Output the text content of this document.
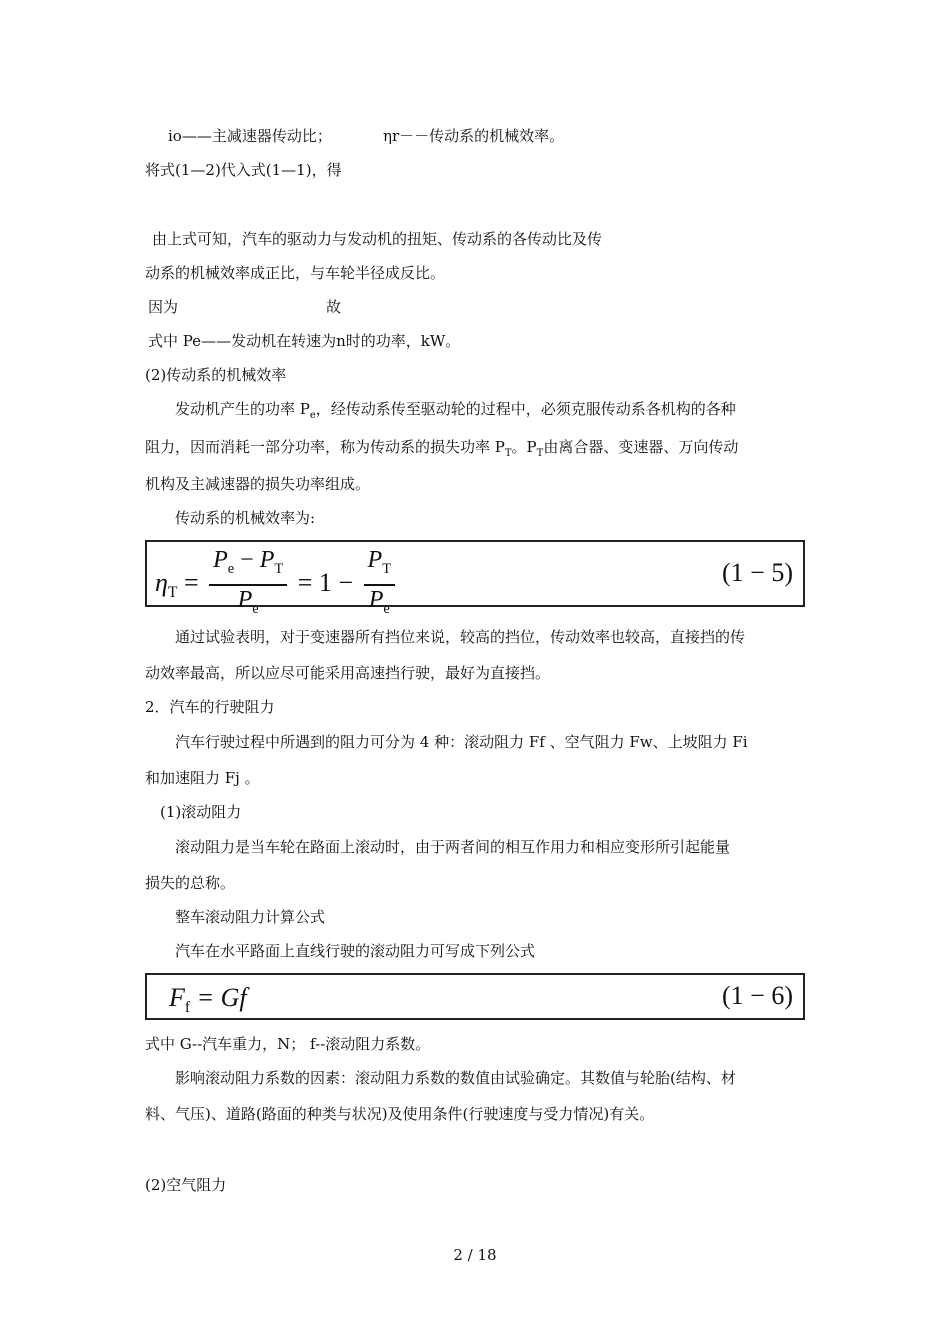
io——主减速器传动比；	ηr－－传动系的机械效率。
将式(1—2)代入式(1—1)，得
由上式可知，汽车的驱动力与发动机的扭矩、传动系的各传动比及传
动系的机械效率成正比，与车轮半径成反比。
因为	故
式中 Pe——发动机在转速为n时的功率，kW。
(2)传动系的机械效率
发动机产生的功率 $P_e$，经传动系传至驱动轮的过程中，必须克服传动系各机构的各种
阻力，因而消耗一部分功率，称为传动系的损失功率 $P_T$。$P_T$由离合器、变速器、万向传动
机构及主减速器的损失功率组成。
传动系的机械效率为:
$\eta_T = \frac{P_e - P_T}{P_e} = 1 - \frac{P_T}{P_e}$	(1 − 5)
通过试验表明，对于变速器所有挡位来说，较高的挡位，传动效率也较高，直接挡的传
动效率最高，所以应尽可能采用高速挡行驶，最好为直接挡。
2．汽车的行驶阻力
汽车行驶过程中所遇到的阻力可分为 4 种：滚动阻力 Ff 、空气阻力 Fw、上坡阻力 Fi
和加速阻力 Fj 。
(1)滚动阻力
滚动阻力是当车轮在路面上滚动时，由于两者间的相互作用力和相应变形所引起能量
损失的总称。
整车滚动阻力计算公式
汽车在水平路面上直线行驶的滚动阻力可写成下列公式
$F_f = Gf$	(1 − 6)
式中 G--汽车重力，N； f--滚动阻力系数。
影响滚动阻力系数的因素：滚动阻力系数的数值由试验确定。其数值与轮胎(结构、材
料、气压)、道路(路面的种类与状况)及使用条件(行驶速度与受力情况)有关。
(2)空气阻力
2 / 18
